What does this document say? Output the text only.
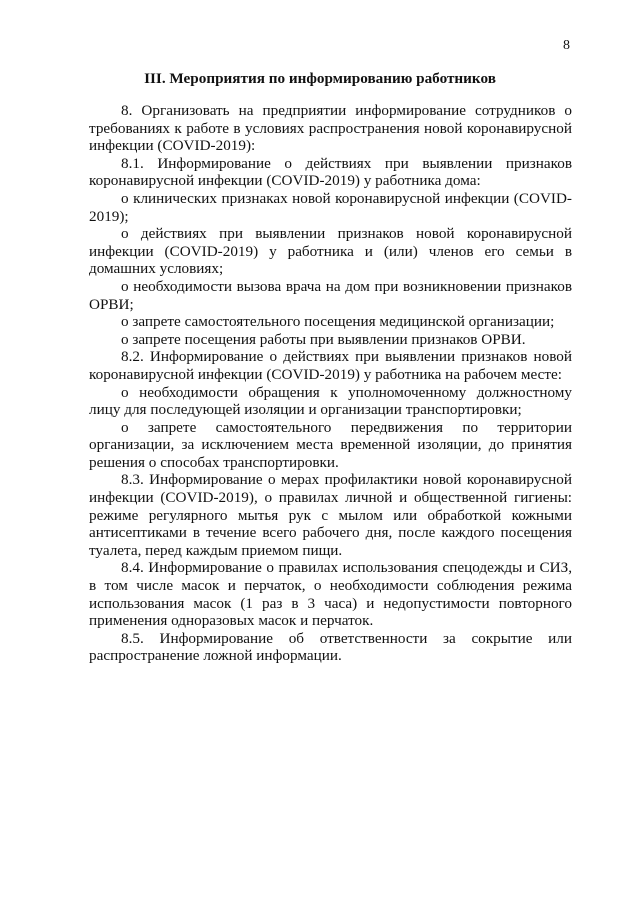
8
III. Мероприятия по информированию работников

8. Организовать на предприятии информирование сотрудников о требованиях к работе в условиях распространения новой коронавирусной инфекции (COVID-2019):

8.1. Информирование о действиях при выявлении признаков коронавирусной инфекции (COVID-2019) у работника дома:

о клинических признаках новой коронавирусной инфекции (COVID-2019);

о действиях при выявлении признаков новой коронавирусной инфекции (COVID-2019) у работника и (или) членов его семьи в домашних условиях;

о необходимости вызова врача на дом при возникновении признаков ОРВИ;

о запрете самостоятельного посещения медицинской организации;

о запрете посещения работы при выявлении признаков ОРВИ.

8.2. Информирование о действиях при выявлении признаков новой коронавирусной инфекции (COVID-2019) у работника на рабочем месте:

о необходимости обращения к уполномоченному должностному лицу для последующей изоляции и организации транспортировки;

о запрете самостоятельного передвижения по территории организации, за исключением места временной изоляции, до принятия решения о способах транспортировки.

8.3. Информирование о мерах профилактики новой коронавирусной инфекции (COVID-2019), о правилах личной и общественной гигиены: режиме регулярного мытья рук с мылом или обработкой кожными антисептиками в течение всего рабочего дня, после каждого посещения туалета, перед каждым приемом пищи.

8.4. Информирование о правилах использования спецодежды и СИЗ, в том числе масок и перчаток, о необходимости соблюдения режима использования масок (1 раз в 3 часа) и недопустимости повторного применения одноразовых масок и перчаток.

8.5. Информирование об ответственности за сокрытие или распространение ложной информации.
